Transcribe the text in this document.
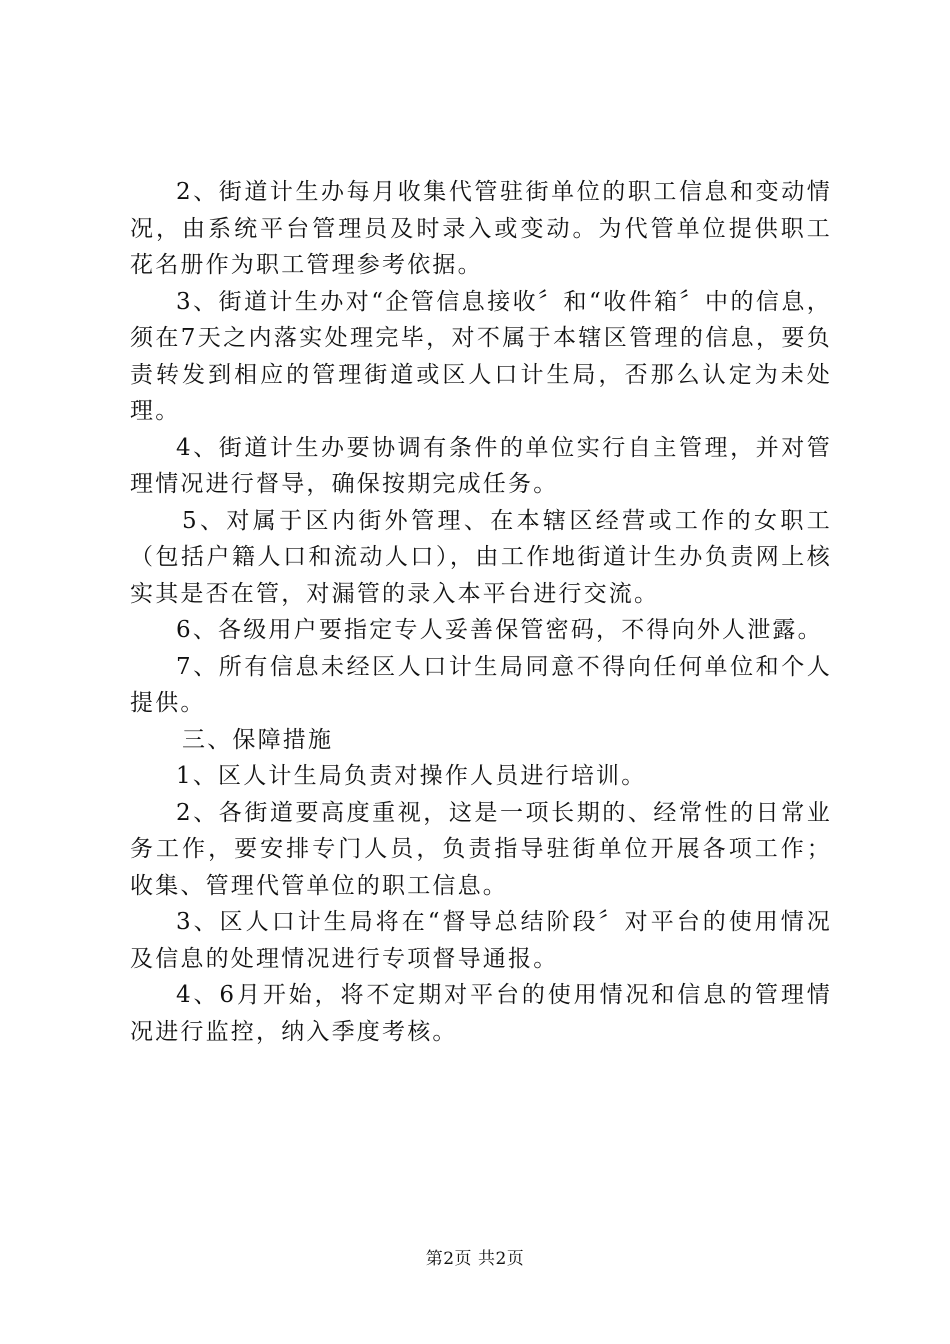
2、街道计生办每月收集代管驻街单位的职工信息和变动情况，由系统平台管理员及时录入或变动。为代管单位提供职工花名册作为职工管理参考依据。

3、街道计生办对“企管信息接收〞和“收件箱〞中的信息，须在7天之内落实处理完毕，对不属于本辖区管理的信息，要负责转发到相应的管理街道或区人口计生局，否那么认定为未处理。

4、街道计生办要协调有条件的单位实行自主管理，并对管理情况进行督导，确保按期完成任务。

5、对属于区内街外管理、在本辖区经营或工作的女职工（包括户籍人口和流动人口），由工作地街道计生办负责网上核实其是否在管，对漏管的录入本平台进行交流。

6、各级用户要指定专人妥善保管密码，不得向外人泄露。

7、所有信息未经区人口计生局同意不得向任何单位和个人提供。

三、保障措施

1、区人计生局负责对操作人员进行培训。

2、各街道要高度重视，这是一项长期的、经常性的日常业务工作，要安排专门人员，负责指导驻街单位开展各项工作；收集、管理代管单位的职工信息。

3、区人口计生局将在“督导总结阶段〞对平台的使用情况及信息的处理情况进行专项督导通报。

4、6月开始，将不定期对平台的使用情况和信息的管理情况进行监控，纳入季度考核。

第2页 共2页
